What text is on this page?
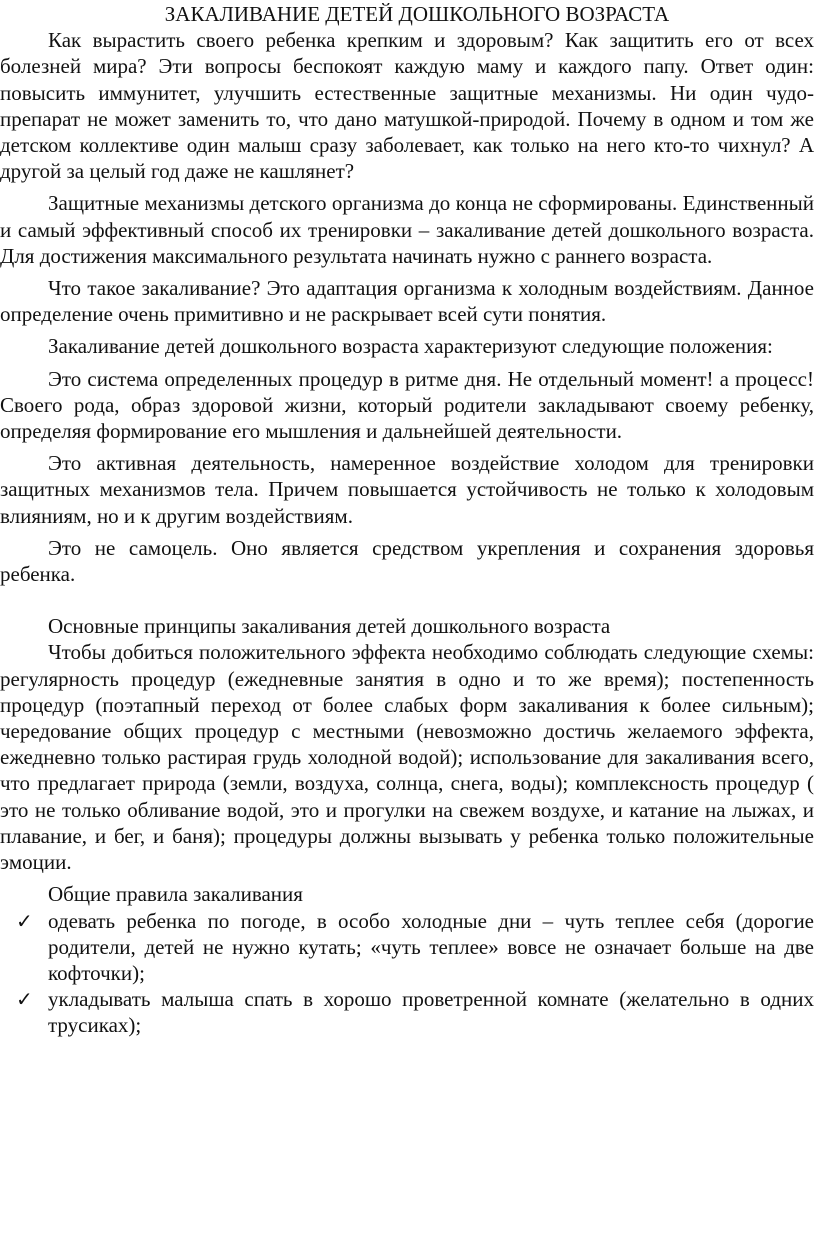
ЗАКАЛИВАНИЕ ДЕТЕЙ ДОШКОЛЬНОГО ВОЗРАСТА

Как вырастить своего ребенка крепким и здоровым? Как защитить его от всех болезней мира? Эти вопросы беспокоят каждую маму и каждого папу. Ответ один: повысить иммунитет, улучшить естественные защитные механизмы. Ни один чудо-препарат не может заменить то, что дано матушкой-природой. Почему в одном и том же детском коллективе один малыш сразу заболевает, как только на него кто-то чихнул? А другой за целый год даже не кашлянет?

Защитные механизмы детского организма до конца не сформированы. Единственный и самый эффективный способ их тренировки – закаливание детей дошкольного возраста. Для достижения максимального результата начинать нужно с раннего возраста.

Что такое закаливание? Это адаптация организма к холодным воздействиям. Данное определение очень примитивно и не раскрывает всей сути понятия.

Закаливание детей дошкольного возраста характеризуют следующие положения:

Это система определенных процедур в ритме дня. Не отдельный момент! а процесс! Своего рода, образ здоровой жизни, который родители закладывают своему ребенку, определяя формирование его мышления и дальнейшей деятельности.

Это активная деятельность, намеренное воздействие холодом для тренировки защитных механизмов тела. Причем повышается устойчивость не только к холодовым влияниям, но и к другим воздействиям.

Это не самоцель. Оно является средством укрепления и сохранения здоровья ребенка.

Основные принципы закаливания детей дошкольного возраста

Чтобы добиться положительного эффекта необходимо соблюдать следующие схемы: регулярность процедур (ежедневные занятия в одно и то же время); постепенность процедур (поэтапный переход от более слабых форм закаливания к более сильным); чередование общих процедур с местными (невозможно достичь желаемого эффекта, ежедневно только растирая грудь холодной водой); использование для закаливания всего, что предлагает природа (земли, воздуха, солнца, снега, воды); комплексность процедур ( это не только обливание водой, это и прогулки на свежем воздухе, и катание на лыжах, и плавание, и бег, и баня); процедуры должны вызывать у ребенка только положительные эмоции.

Общие правила закаливания

✓ одевать ребенка по погоде, в особо холодные дни – чуть теплее себя (дорогие родители, детей не нужно кутать; «чуть теплее» вовсе не означает больше на две кофточки);
✓ укладывать малыша спать в хорошо проветренной комнате (желательно в одних трусиках);
